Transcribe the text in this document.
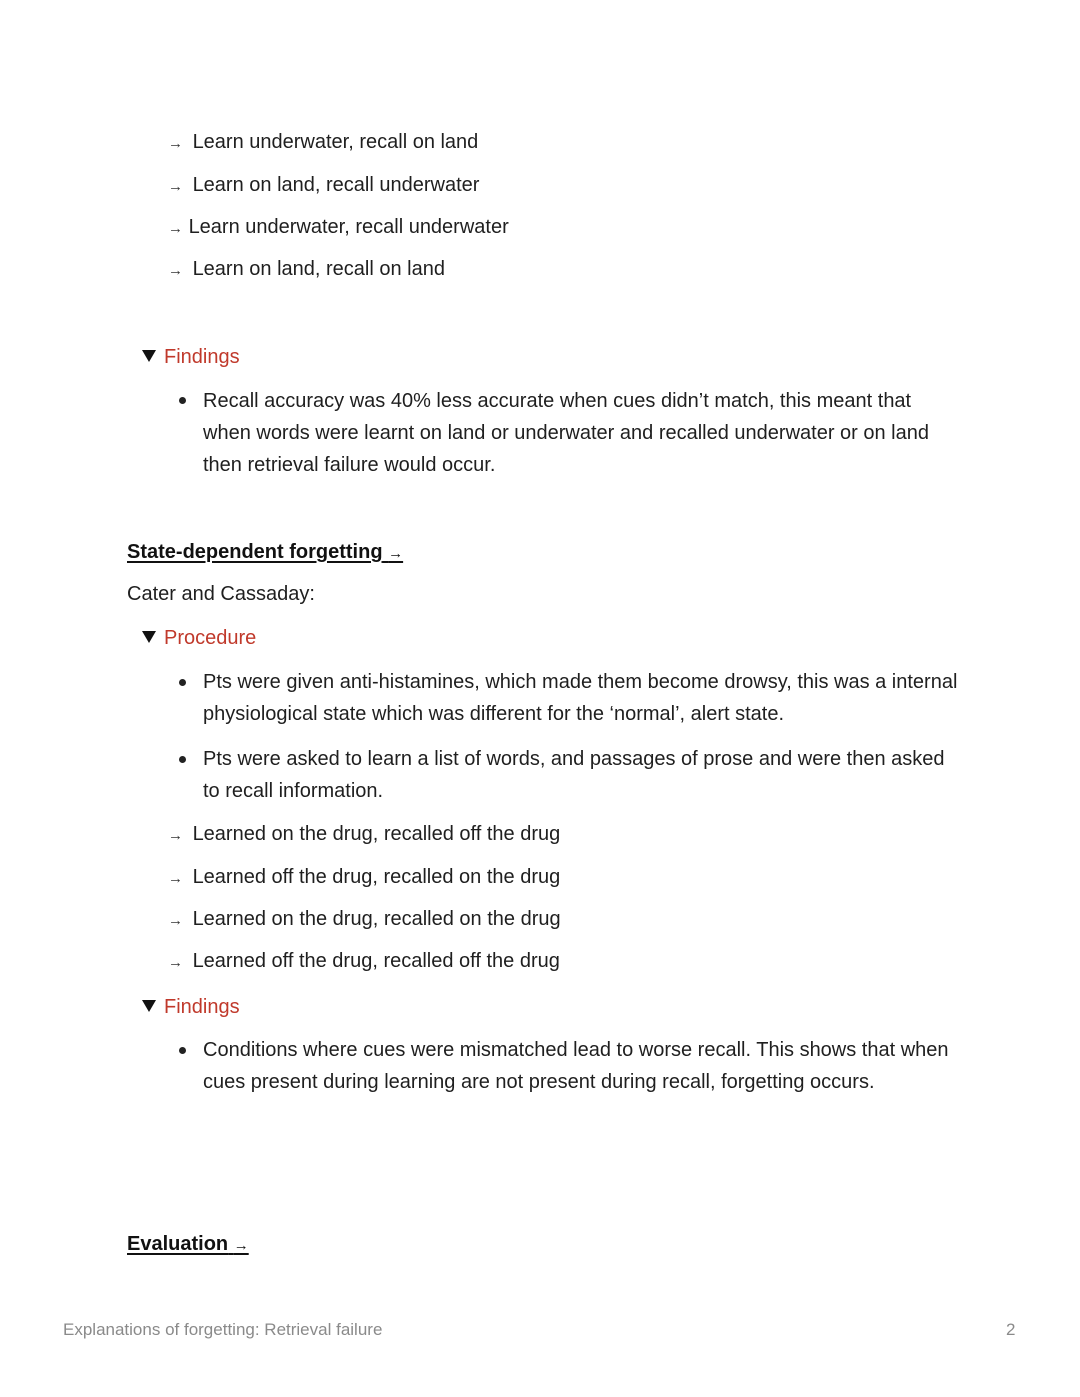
→ Learn underwater, recall on land
→ Learn on land, recall underwater
→ Learn underwater, recall underwater
→ Learn on land, recall on land
Findings
Recall accuracy was 40% less accurate when cues didn’t match, this meant that when words were learnt on land or underwater and recalled underwater or on land then retrieval failure would occur.
State-dependent forgetting →
Cater and Cassaday:
Procedure
Pts were given anti-histamines, which made them become drowsy, this was a internal physiological state which was different for the ‘normal’, alert state.
Pts were asked to learn a list of words, and passages of prose and were then asked to recall information.
→ Learned on the drug, recalled off the drug
→ Learned off the drug, recalled on the drug
→ Learned on the drug, recalled on the drug
→ Learned off the drug, recalled off the drug
Findings
Conditions where cues were mismatched lead to worse recall. This shows that when cues present during learning are not present during recall, forgetting occurs.
Evaluation →
Explanations of forgetting: Retrieval failure	2
